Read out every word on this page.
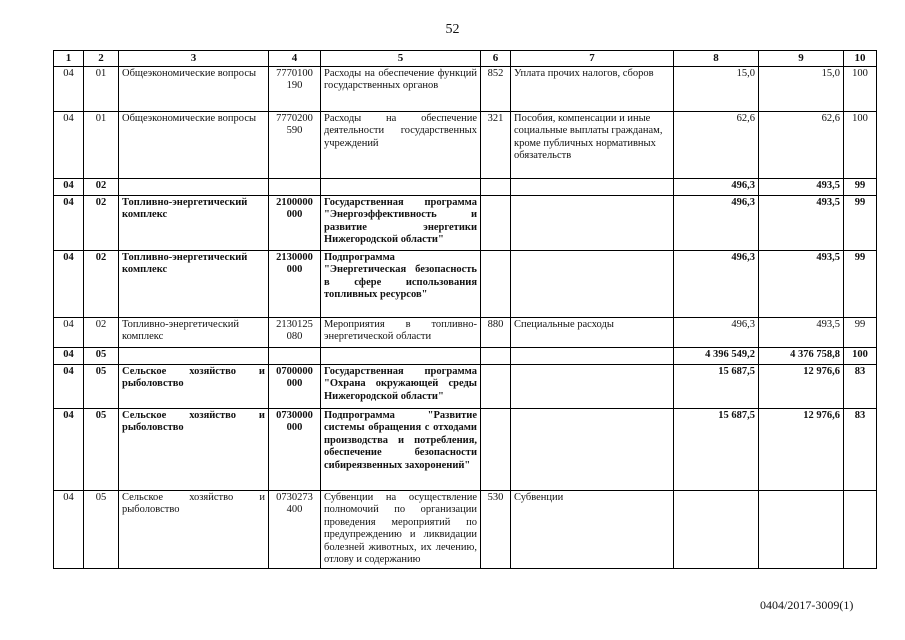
52
1	2	3	4	5	6	7	8	9	10
04	01	Общеэкономические вопросы	7770100 190	Расходы на обеспечение функций государственных органов	852	Уплата прочих налогов, сборов	15,0	15,0	100
04	01	Общеэкономические вопросы	7770200 590	Расходы на обеспечение деятельности государственных учреждений	321	Пособия, компенсации и иные социальные выплаты гражданам, кроме публичных нормативных обязательств	62,6	62,6	100
04	02						496,3	493,5	99
04	02	Топливно-энергетический комплекс	2100000 000	Государственная программа "Энергоэффективность и развитие энергетики Нижегородской области"			496,3	493,5	99
04	02	Топливно-энергетический комплекс	2130000 000	Подпрограмма "Энергетическая безопасность в сфере использования топливных ресурсов"			496,3	493,5	99
04	02	Топливно-энергетический комплекс	2130125 080	Мероприятия в топливно-энергетической области	880	Специальные расходы	496,3	493,5	99
04	05						4 396 549,2	4 376 758,8	100
04	05	Сельское хозяйство и рыболовство	0700000 000	Государственная программа "Охрана окружающей среды Нижегородской области"			15 687,5	12 976,6	83
04	05	Сельское хозяйство и рыболовство	0730000 000	Подпрограмма "Развитие системы обращения с отходами производства и потребления, обеспечение безопасности сибиреязвенных захоронений"			15 687,5	12 976,6	83
04	05	Сельское хозяйство и рыболовство	0730273 400	Субвенции на осуществление полномочий по организации проведения мероприятий по предупреждению и ликвидации болезней животных, их лечению, отлову и содержанию	530	Субвенции			
0404/2017-3009(1)
